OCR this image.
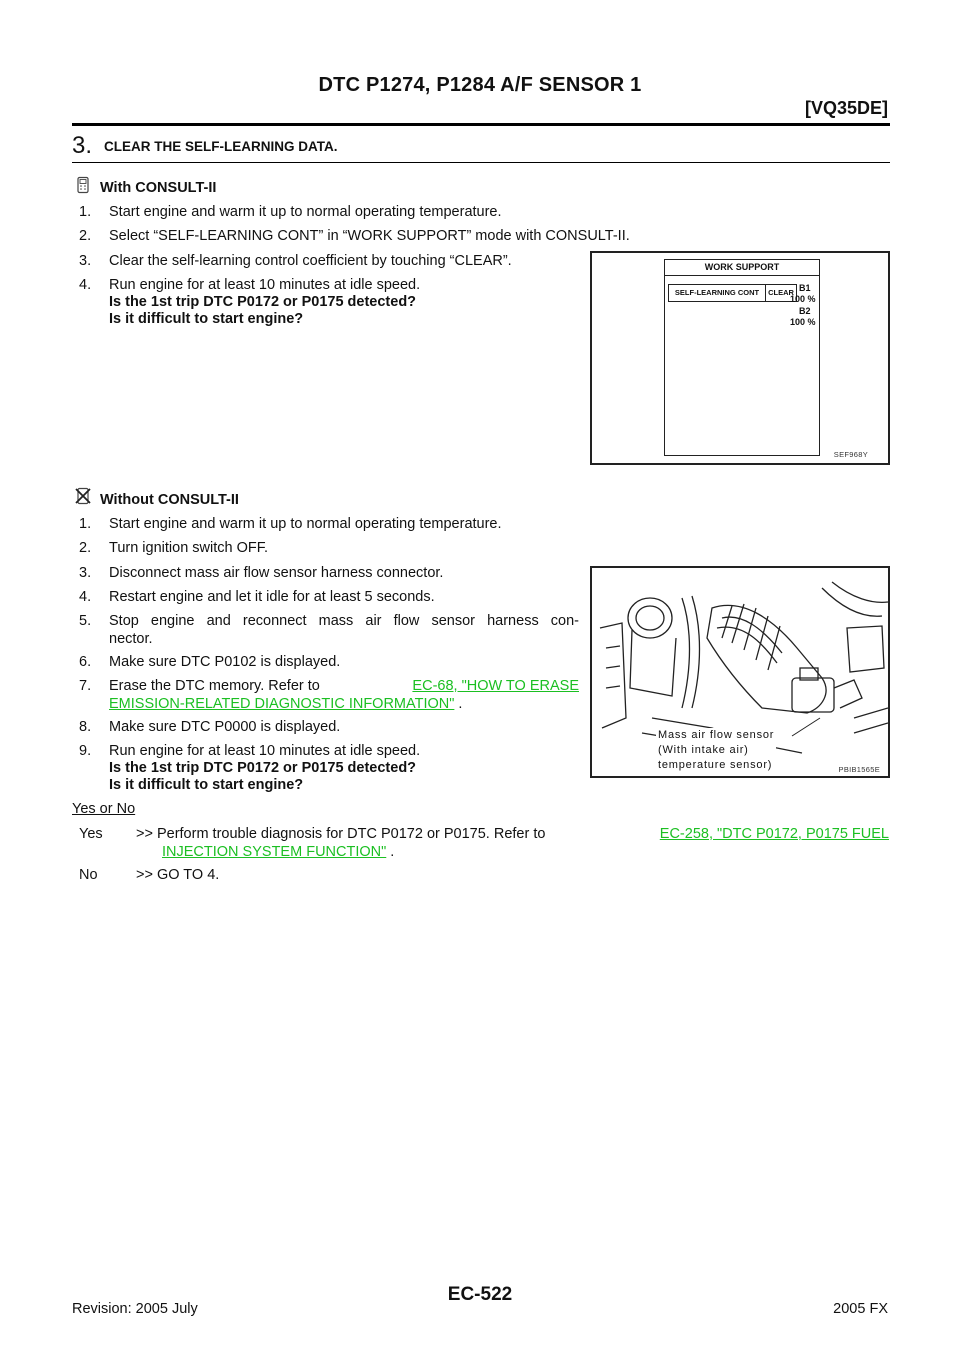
DTC P1274, P1284 A/F SENSOR 1
[VQ35DE]
3. CLEAR THE SELF-LEARNING DATA.
With CONSULT-II
1. Start engine and warm it up to normal operating temperature.
2. Select “SELF-LEARNING CONT” in “WORK SUPPORT” mode with CONSULT-II.
3. Clear the self-learning control coefficient by touching “CLEAR”.
4. Run engine for at least 10 minutes at idle speed.
Is the 1st trip DTC P0172 or P0175 detected?
Is it difficult to start engine?
WORK SUPPORT
SELF-LEARNING CONT	CLEAR B1
100 %
B2
100 %
SEF968Y
Without CONSULT-II
1. Start engine and warm it up to normal operating temperature.
2. Turn ignition switch OFF.
3. Disconnect mass air flow sensor harness connector.
4. Restart engine and let it idle for at least 5 seconds.
5. Stop engine and reconnect mass air flow sensor harness con-
nector.
6. Make sure DTC P0102 is displayed.
7. Erase the DTC memory. Refer to	EC-68, "HOW TO ERASE
EMISSION-RELATED DIAGNOSTIC INFORMATION" .
8. Make sure DTC P0000 is displayed.
9. Run engine for at least 10 minutes at idle speed.
Is the 1st trip DTC P0172 or P0175 detected?
Is it difficult to start engine?
Mass air flow sensor
(With intake air)
temperature sensor)	PBIB1565E
Yes or No
Yes >> Perform trouble diagnosis for DTC P0172 or P0175. Refer to	EC-258, "DTC P0172, P0175 FUEL
INJECTION SYSTEM FUNCTION" .
No	>> GO TO 4.
EC-522
Revision: 2005 July	2005 FX
